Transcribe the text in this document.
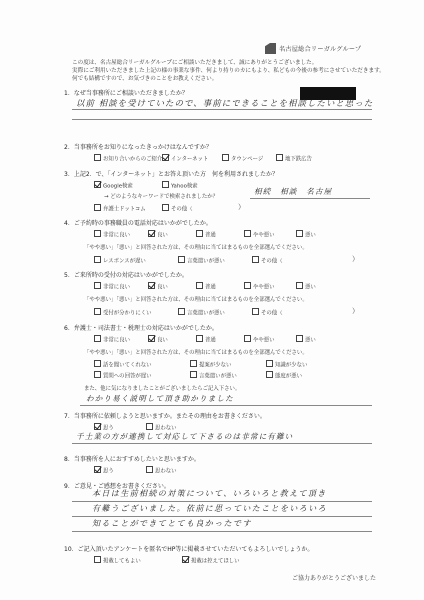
名古屋総合リーガルグループ
この度は、名古屋総合リーガルグループにご相談いただきまして、誠にありがとうございました。
実際にご利用いただきました上記の様の事業な事件、何より持りのカにもより、私どもの今後の参考にさせていただきます。
何でも結構ですので、お気づきのことをお教えください。
1．なぜ当事務所にご相談いただきましたか？
以前 相談を受けていたので、事前にできることを相談したいと思った
2．当事務所をお知りになったきっかけはなんですか？
お知り合いからのご紹介	インターネット	タウンページ	地下鉄広告
3．上記2．で、「インターネット」とお答え頂いた方　何を利用されましたか？
Google検索	Yahoo検索
→ どのようなキーワードで検索されましたか？
相続　相談　名古屋
弁護士ドットコム	その他（	）
4．ご予約時の事務職員の電話対応はいかがでしたか。
非常に良い	良い	普通	やや悪い	悪い
「やや悪い」「悪い」と回答された方は、その理由に当てはまるものを全部選んでください。
レスポンスが遅い	言葉遣いが悪い	その他（	）
5．ご来所時の受付の対応はいかがでしたか。
非常に良い	良い	普通	やや悪い	悪い
「やや悪い」「悪い」と回答された方は、その理由に当てはまるものを全部選んでください。
受付が分かりにくい	言葉遣いが悪い	その他（	）
6．弁護士・司法書士・税理士の対応はいかがでしたか。
非常に良い	良い	普通	やや悪い	悪い
「やや悪い」「悪い」と回答された方は、その理由に当てはまるものを全部選んでください。
話を聞いてくれない	提案が少ない	知識が少ない
質問への回答が遅い	言葉遣いが悪い	態度が悪い
また、他に気になりましたことがございましたらご記入下さい。
わかり易く説明して頂き助かりました
7．当事務所に依頼しようと思いますか。またその理由をお書きください。
思う	思わない
千土業の方が連携して対応して下さるのは非常に有難い
8．当事務所を人におすすめしたいと思いますか。
思う	思わない
9．ご意見・ご感想をお書きください。
本日は生前相続の対策について、いろいろと教えて頂き
有難うございました。依前に思っていたことをいろいろ
知ることができてとても良かったです
10．ご記入頂いたアンケートを匿名でHP等に掲載させていただいてもよろしいでしょうか。
掲載してもよい	掲載は控えてほしい
ご協力ありがとうございました
